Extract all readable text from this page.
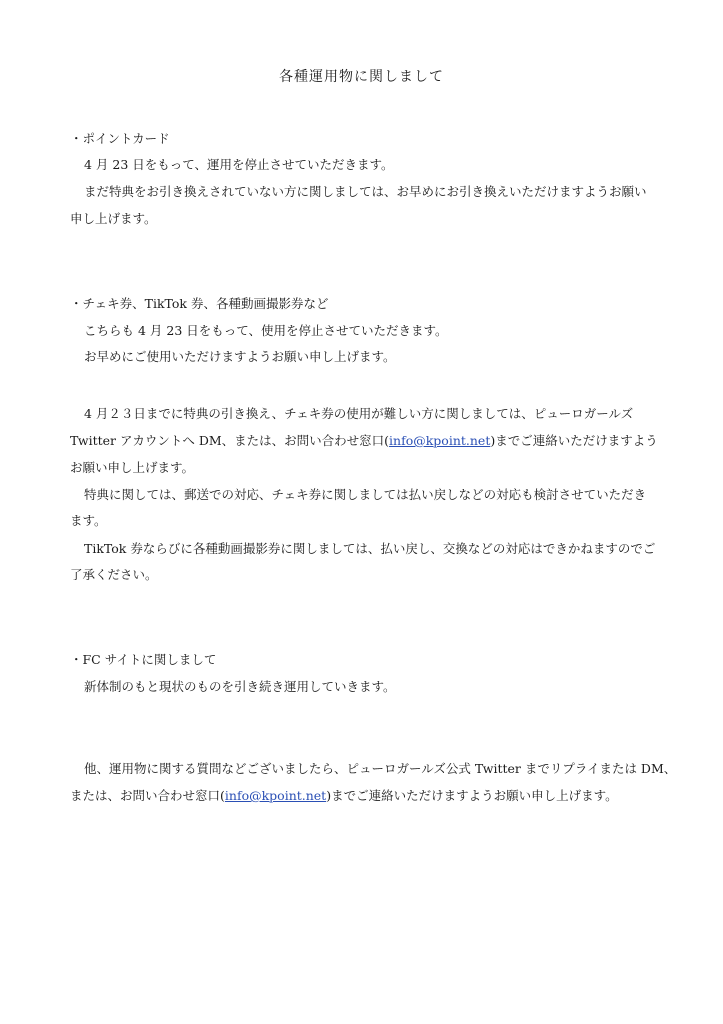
各種運用物に関しまして
・ポイントカード
4 月 23 日をもって、運用を停止させていただきます。
まだ特典をお引き換えされていない方に関しましては、お早めにお引き換えいただけますようお願い
申し上げます。
・チェキ券、TikTok 券、各種動画撮影券など
こちらも 4 月 23 日をもって、使用を停止させていただきます。
お早めにご使用いただけますようお願い申し上げます。
4 月２３日までに特典の引き換え、チェキ券の使用が難しい方に関しましては、ピューロガールズ
Twitter アカウントへ DM、または、お問い合わせ窓口(info@kpoint.net)までご連絡いただけますよう
お願い申し上げます。
特典に関しては、郵送での対応、チェキ券に関しましては払い戻しなどの対応も検討させていただき
ます。
TikTok 券ならびに各種動画撮影券に関しましては、払い戻し、交換などの対応はできかねますのでご
了承ください。
・FC サイトに関しまして
新体制のもと現状のものを引き続き運用していきます。
他、運用物に関する質問などございましたら、ピューロガールズ公式 Twitter までリプライまたは DM、
または、お問い合わせ窓口(info@kpoint.net)までご連絡いただけますようお願い申し上げます。
